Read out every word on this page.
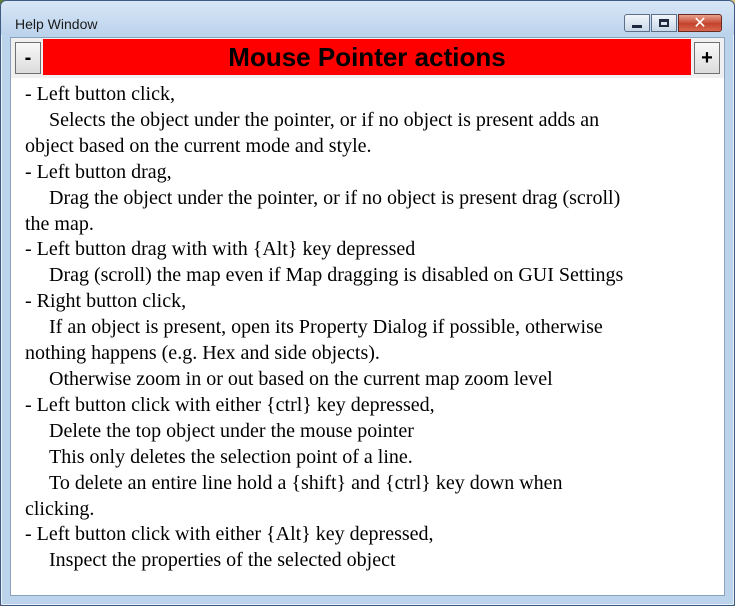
Help Window	✕
-	Mouse Pointer actions	+
- Left button click,
Selects the object under the pointer, or if no object is present adds an
object based on the current mode and style.
- Left button drag,
Drag the object under the pointer, or if no object is present drag (scroll)
the map.
- Left button drag with with {Alt} key depressed
Drag (scroll) the map even if Map dragging is disabled on GUI Settings
- Right button click,
If an object is present, open its Property Dialog if possible, otherwise
nothing happens (e.g. Hex and side objects).
Otherwise zoom in or out based on the current map zoom level
- Left button click with either {ctrl} key depressed,
Delete the top object under the mouse pointer
This only deletes the selection point of a line.
To delete an entire line hold a {shift} and {ctrl} key down when
clicking.
- Left button click with either {Alt} key depressed,
Inspect the properties of the selected object
